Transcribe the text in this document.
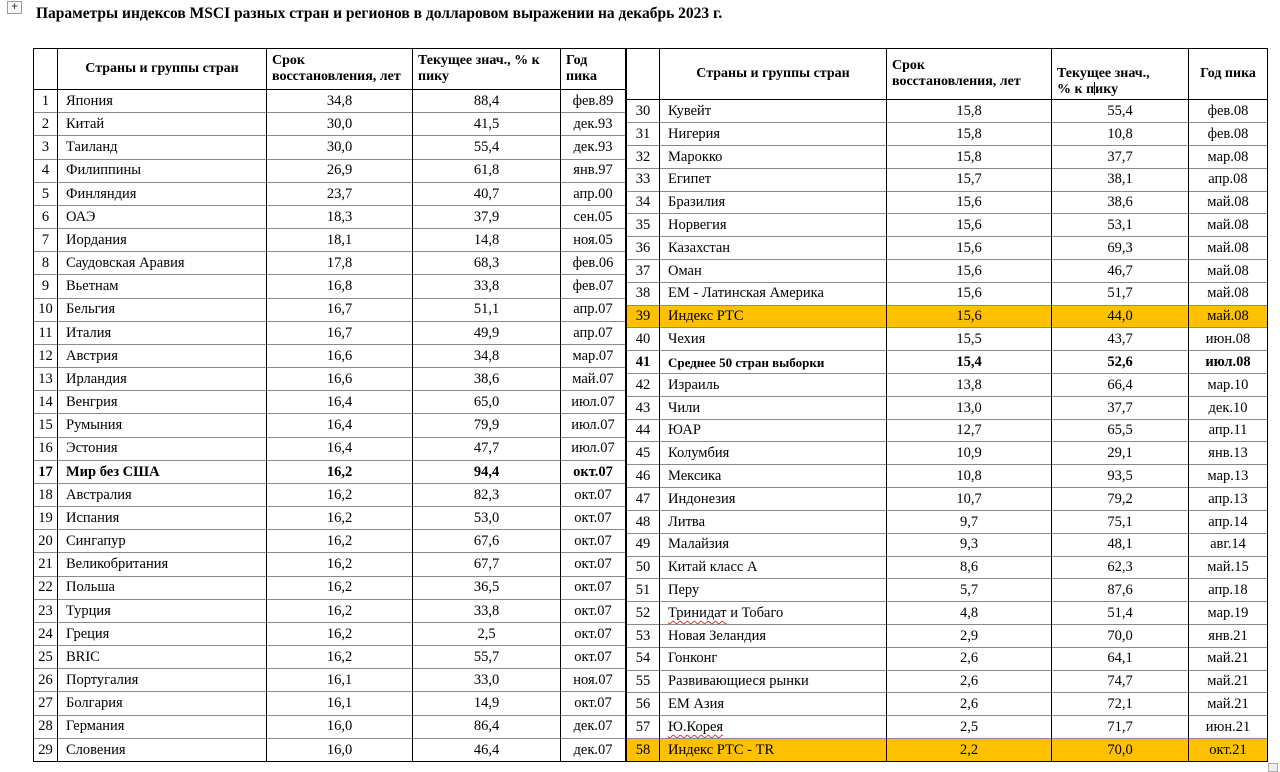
+ Параметры индексов MSCI разных стран и регионов в долларовом выражении на декабрь 2023 г.
	Страны и группы стран	Срок
восстановления, лет	Текущее знач., % к
пику	Год
пика
1	Япония	34,8	88,4	фев.89
2	Китай	30,0	41,5	дек.93
3	Таиланд	30,0	55,4	дек.93
4	Филиппины	26,9	61,8	янв.97
5	Финляндия	23,7	40,7	апр.00
6	ОАЭ	18,3	37,9	сен.05
7	Иордания	18,1	14,8	ноя.05
8	Саудовская Аравия	17,8	68,3	фев.06
9	Вьетнам	16,8	33,8	фев.07
10	Бельгия	16,7	51,1	апр.07
11	Италия	16,7	49,9	апр.07
12	Австрия	16,6	34,8	мар.07
13	Ирландия	16,6	38,6	май.07
14	Венгрия	16,4	65,0	июл.07
15	Румыния	16,4	79,9	июл.07
16	Эстония	16,4	47,7	июл.07
17	Мир без США	16,2	94,4	окт.07
18	Австралия	16,2	82,3	окт.07
19	Испания	16,2	53,0	окт.07
20	Сингапур	16,2	67,6	окт.07
21	Великобритания	16,2	67,7	окт.07
22	Польша	16,2	36,5	окт.07
23	Турция	16,2	33,8	окт.07
24	Греция	16,2	2,5	окт.07
25	BRIC	16,2	55,7	окт.07
26	Португалия	16,1	33,0	ноя.07
27	Болгария	16,1	14,9	окт.07
28	Германия	16,0	86,4	дек.07
29	Словения	16,0	46,4	дек.07
	Страны и группы стран	Срок
восстановления, лет	Текущее знач.,
% к пику	Год пика
30	Кувейт	15,8	55,4	фев.08
31	Нигерия	15,8	10,8	фев.08
32	Марокко	15,8	37,7	мар.08
33	Египет	15,7	38,1	апр.08
34	Бразилия	15,6	38,6	май.08
35	Норвегия	15,6	53,1	май.08
36	Казахстан	15,6	69,3	май.08
37	Оман	15,6	46,7	май.08
38	EM - Латинская Америка	15,6	51,7	май.08
39	Индекс РТС	15,6	44,0	май.08
40	Чехия	15,5	43,7	июн.08
41	Среднее 50 стран выборки	15,4	52,6	июл.08
42	Израиль	13,8	66,4	мар.10
43	Чили	13,0	37,7	дек.10
44	ЮАР	12,7	65,5	апр.11
45	Колумбия	10,9	29,1	янв.13
46	Мексика	10,8	93,5	мар.13
47	Индонезия	10,7	79,2	апр.13
48	Литва	9,7	75,1	апр.14
49	Малайзия	9,3	48,1	авг.14
50	Китай класс A	8,6	62,3	май.15
51	Перу	5,7	87,6	апр.18
52	Тринидат и Тобаго	4,8	51,4	мар.19
53	Новая Зеландия	2,9	70,0	янв.21
54	Гонконг	2,6	64,1	май.21
55	Развивающиеся рынки	2,6	74,7	май.21
56	EM Азия	2,6	72,1	май.21
57	Ю.Корея	2,5	71,7	июн.21
58	Индекс РТС - TR	2,2	70,0	окт.21
